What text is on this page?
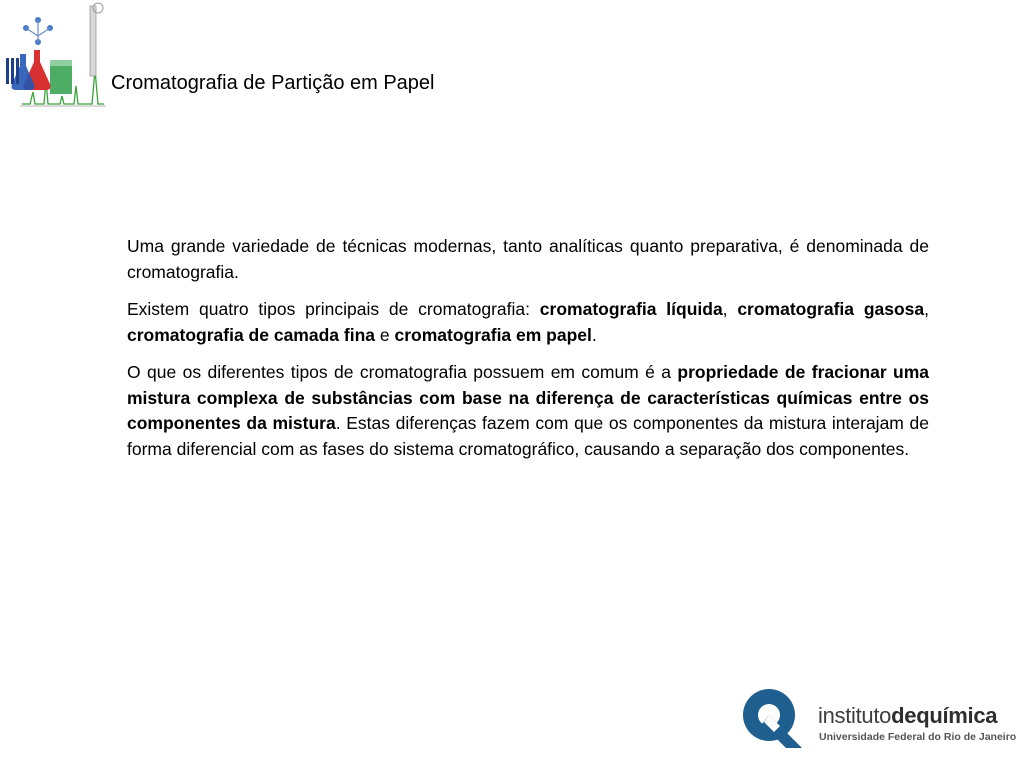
Cromatografia de Partição em Papel

Uma grande variedade de técnicas modernas, tanto analíticas quanto preparativa, é denominada de cromatografia.

Existem quatro tipos principais de cromatografia: cromatografia líquida, cromatografia gasosa, cromatografia de camada fina e cromatografia em papel.

O que os diferentes tipos de cromatografia possuem em comum é a propriedade de fracionar uma mistura complexa de substâncias com base na diferença de características químicas entre os componentes da mistura. Estas diferenças fazem com que os componentes da mistura interajam de forma diferencial com as fases do sistema cromatográfico, causando a separação dos componentes.

institutodequímica
Universidade Federal do Rio de Janeiro
